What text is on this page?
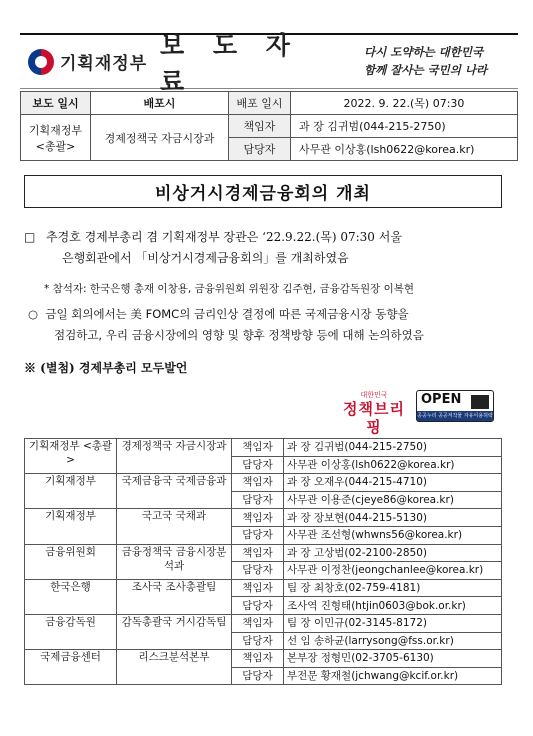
기획재정부
보 도 자 료
다시 도약하는 대한민국
함께 잘사는 국민의 나라
보도 일시	배포시	배포 일시	2022. 9. 22.(목) 07:30
기획재정부 <총괄>	경제정책국 자금시장과	책임자	과 장 김귀범(044-215-2750)
		담당자	사무관 이상홍(lsh0622@korea.kr)
비상거시경제금융회의 개최
□ 추경호 경제부총리 겸 기획재정부 장관은 ‘22.9.22.(목) 07:30 서울
은행회관에서 「비상거시경제금융회의」를 개최하였음
* 참석자: 한국은행 총재 이창용, 금융위원회 위원장 김주현, 금융감독원장 이복현
○ 금일 회의에서는 美 FOMC의 금리인상 결정에 따른 국제금융시장 동향을
점검하고, 우리 금융시장에의 영향 및 향후 정책방향 등에 대해 논의하였음
※ (별첨) 경제부총리 모두발언
대한민국
정책브리핑
OPEN
공공누리 공공저작물 자유이용허락
기획재정부 <총괄>	경제정책국 자금시장과	책임자	과 장 김귀범(044-215-2750)
		담당자	사무관 이상홍(lsh0622@korea.kr)
기획재정부	국제금융국 국제금융과	책임자	과 장 오재우(044-215-4710)
		담당자	사무관 이용준(cjeye86@korea.kr)
기획재정부	국고국 국채과	책임자	과 장 장보현(044-215-5130)
		담당자	사무관 조선형(whwns56@korea.kr)
금융위원회	금융정책국 금융시장분석과	책임자	과 장 고상범(02-2100-2850)
		담당자	사무관 이정찬(jeongchanlee@korea.kr)
한국은행	조사국 조사총괄팀	책임자	팀 장 최창호(02-759-4181)
		담당자	조사역 진형태(htjin0603@bok.or.kr)
금융감독원	감독총괄국 거시감독팀	책임자	팀 장 이민규(02-3145-8172)
		담당자	선 임 송하균(larrysong@fss.or.kr)
국제금융센터	리스크분석본부	책임자	본부장 정형민(02-3705-6130)
		담당자	부전문 황재철(jchwang@kcif.or.kr)
